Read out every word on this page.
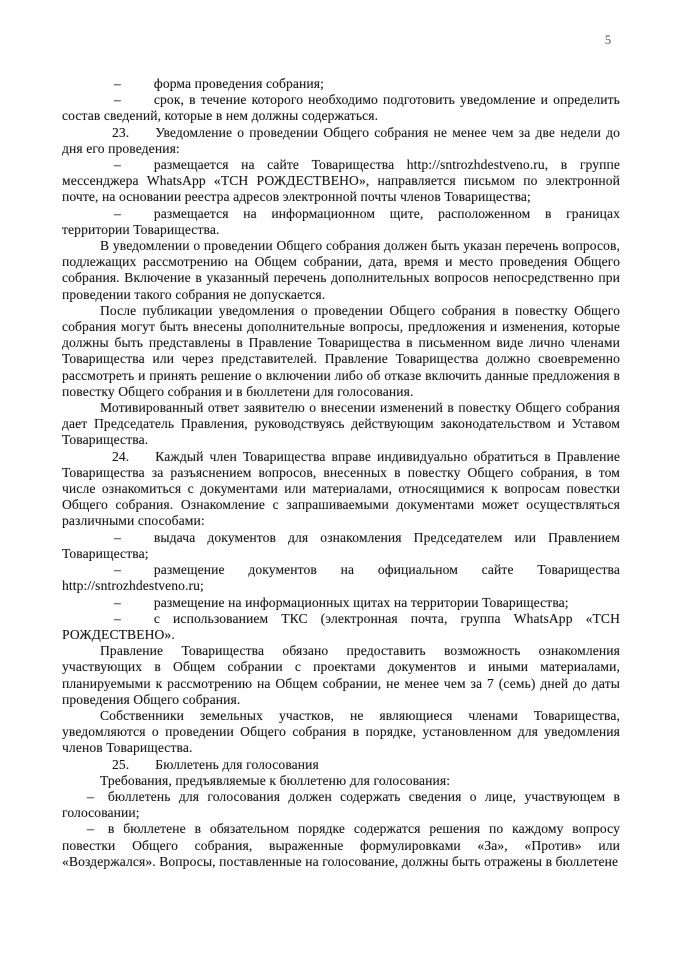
5

– форма проведения собрания;

– срок, в течение которого необходимо подготовить уведомление и определить состав сведений, которые в нем должны содержаться.

23. Уведомление о проведении Общего собрания не менее чем за две недели до дня его проведения:

– размещается на сайте Товарищества http://sntrozhdestveno.ru, в группе мессенджера WhatsApp «ТСН РОЖДЕСТВЕНО», направляется письмом по электронной почте, на основании реестра адресов электронной почты членов Товарищества;

– размещается на информационном щите, расположенном в границах территории Товарищества.

В уведомлении о проведении Общего собрания должен быть указан перечень вопросов, подлежащих рассмотрению на Общем собрании, дата, время и место проведения Общего собрания. Включение в указанный перечень дополнительных вопросов непосредственно при проведении такого собрания не допускается.

После публикации уведомления о проведении Общего собрания в повестку Общего собрания могут быть внесены дополнительные вопросы, предложения и изменения, которые должны быть представлены в Правление Товарищества в письменном виде лично членами Товарищества или через представителей. Правление Товарищества должно своевременно рассмотреть и принять решение о включении либо об отказе включить данные предложения в повестку Общего собрания и в бюллетени для голосования.

Мотивированный ответ заявителю о внесении изменений в повестку Общего собрания дает Председатель Правления, руководствуясь действующим законодательством и Уставом Товарищества.

24. Каждый член Товарищества вправе индивидуально обратиться в Правление Товарищества за разъяснением вопросов, внесенных в повестку Общего собрания, в том числе ознакомиться с документами или материалами, относящимися к вопросам повестки Общего собрания. Ознакомление с запрашиваемыми документами может осуществляться различными способами:

– выдача документов для ознакомления Председателем или Правлением Товарищества;

– размещение документов на официальном сайте Товарищества http://sntrozhdestveno.ru;

– размещение на информационных щитах на территории Товарищества;

– с использованием ТКС (электронная почта, группа WhatsApp «ТСН РОЖДЕСТВЕНО».

Правление Товарищества обязано предоставить возможность ознакомления участвующих в Общем собрании с проектами документов и иными материалами, планируемыми к рассмотрению на Общем собрании, не менее чем за 7 (семь) дней до даты проведения Общего собрания.

Собственники земельных участков, не являющиеся членами Товарищества, уведомляются о проведении Общего собрания в порядке, установленном для уведомления членов Товарищества.

25. Бюллетень для голосования

Требования, предъявляемые к бюллетеню для голосования:

– бюллетень для голосования должен содержать сведения о лице, участвующем в голосовании;

– в бюллетене в обязательном порядке содержатся решения по каждому вопросу повестки Общего собрания, выраженные формулировками «За», «Против» или «Воздержался». Вопросы, поставленные на голосование, должны быть отражены в бюллетене
